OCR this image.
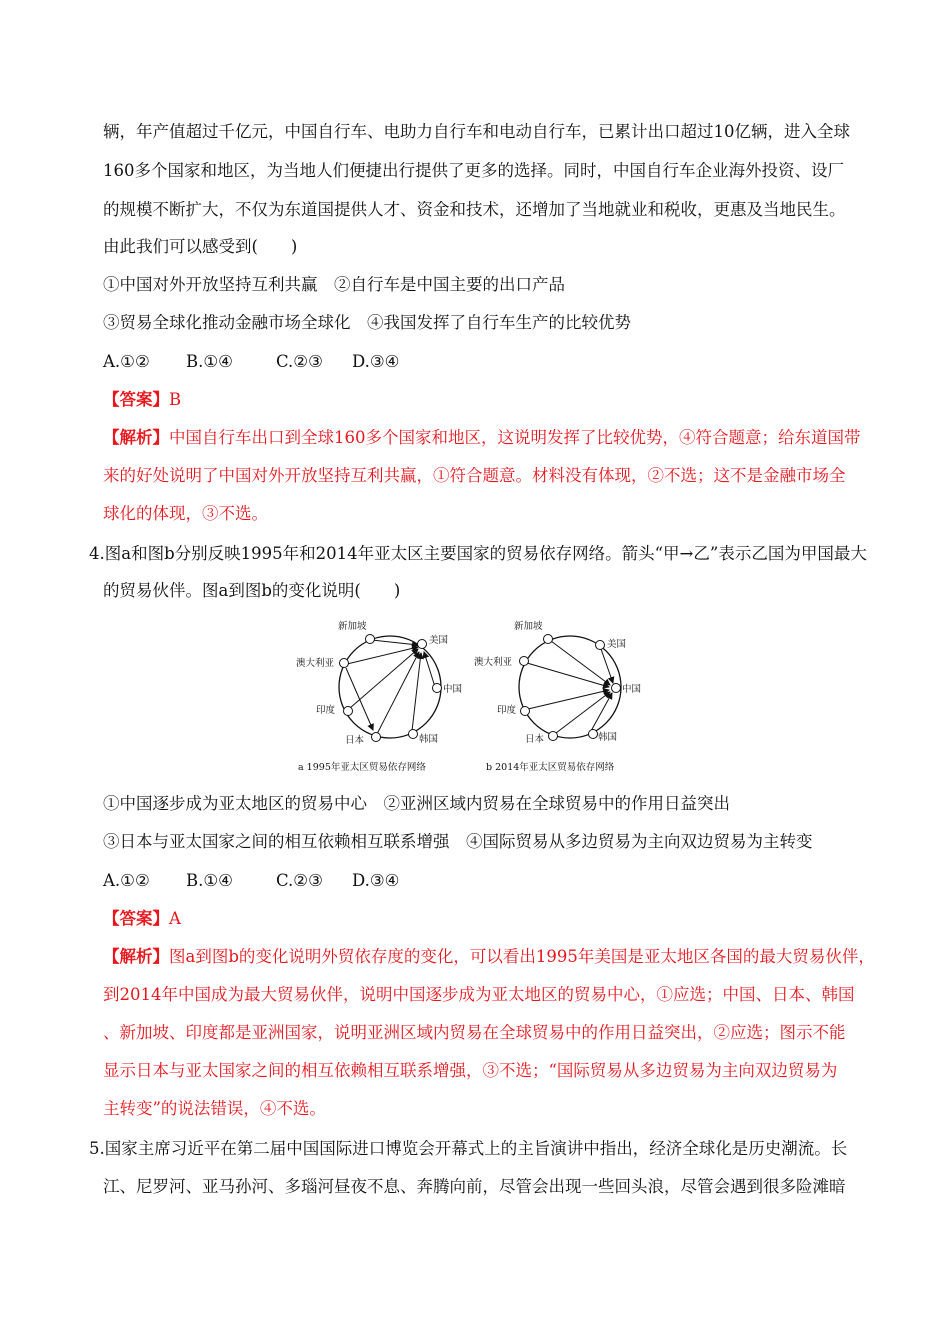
辆，年产值超过千亿元，中国自行车、电助力自行车和电动自行车，已累计出口超过10亿辆，进入全球
160多个国家和地区，为当地人们便捷出行提供了更多的选择。同时，中国自行车企业海外投资、设厂
的规模不断扩大，不仅为东道国提供人才、资金和技术，还增加了当地就业和税收，更惠及当地民生。
由此我们可以感受到(　　)
①中国对外开放坚持互利共赢　②自行车是中国主要的出口产品
③贸易全球化推动金融市场全球化　④我国发挥了自行车生产的比较优势
A.①② B.①④	C.②③ D.③④
【答案】B
【解析】中国自行车出口到全球160多个国家和地区，这说明发挥了比较优势，④符合题意；给东道国带
来的好处说明了中国对外开放坚持互利共赢，①符合题意。材料没有体现，②不选；这不是金融市场全
球化的体现，③不选。
4.图a和图b分别反映1995年和2014年亚太区主要国家的贸易依存网络。箭头“甲→乙”表示乙国为甲国最大
的贸易伙伴。图a到图b的变化说明(　　)
新加坡
美国
澳大利亚
中国
印度
日本	韩国
新加坡
美国
澳大利亚
中国
印度
日本	韩国
a 1995年亚太区贸易依存网络	b 2014年亚太区贸易依存网络
①中国逐步成为亚太地区的贸易中心　②亚洲区域内贸易在全球贸易中的作用日益突出
③日本与亚太国家之间的相互依赖相互联系增强　④国际贸易从多边贸易为主向双边贸易为主转变
A.①② B.①④	C.②③ D.③④
【答案】A
【解析】图a到图b的变化说明外贸依存度的变化，可以看出1995年美国是亚太地区各国的最大贸易伙伴，
到2014年中国成为最大贸易伙伴，说明中国逐步成为亚太地区的贸易中心，①应选；中国、日本、韩国
、新加坡、印度都是亚洲国家，说明亚洲区域内贸易在全球贸易中的作用日益突出，②应选；图示不能
显示日本与亚太国家之间的相互依赖相互联系增强，③不选；“国际贸易从多边贸易为主向双边贸易为
主转变”的说法错误，④不选。
5.国家主席习近平在第二届中国国际进口博览会开幕式上的主旨演讲中指出，经济全球化是历史潮流。长
江、尼罗河、亚马孙河、多瑙河昼夜不息、奔腾向前，尽管会出现一些回头浪，尽管会遇到很多险滩暗
